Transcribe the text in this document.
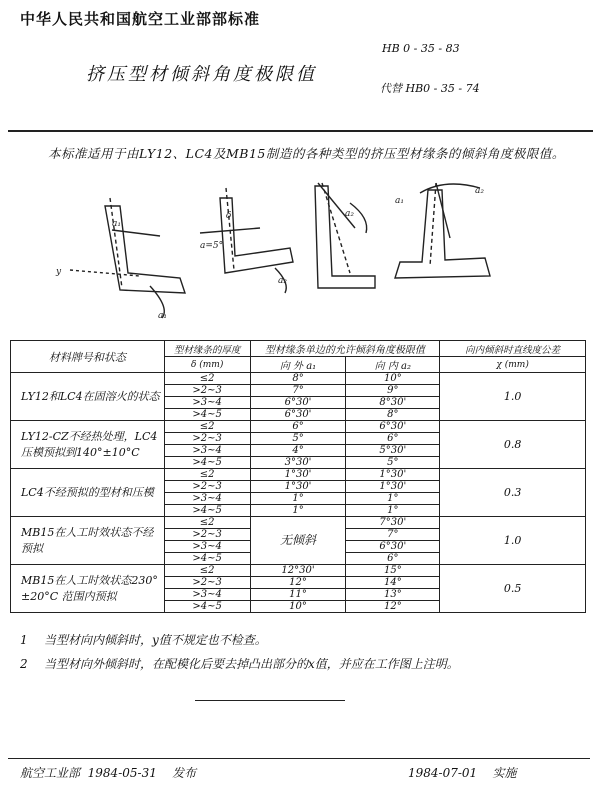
中华人民共和国航空工业部部标准
HB 0 - 35 - 83
挤压型材倾斜角度极限值
代替 HB0 - 35 - 74
本标准适用于由LY12、LC4及MB15制造的各种类型的挤压型材缘条的倾斜角度极限值。
a₁
a₁
y
a=5°
δ
a₂
a₂
a₁
a₂
材料牌号和状态	型材缘条的厚度	型材缘条单边的允许倾斜角度极限值		向内倾斜时直线度公差
	δ (mm)	向 外 a₁	向 内 a₂	χ (mm)
LY12和LC4在固溶火的状态	≤2	8°	10°	1.0
	>2~3	7°	9°	
	>3~4	6°30'	8°30'	
	>4~5	6°30'	8°	
LY12-CZ不经热处理，LC4压模预拟到140°±10°C	≤2	6°	6°30'	0.8
	>2~3	5°	6°	
	>3~4	4°	5°30'	
	>4~5	3°30'	5°	
LC4不经预拟的型材和压模	≤2	1°30'	1°30'	0.3
	>2~3	1°30'	1°30'	
	>3~4	1°	1°	
	>4~5	1°	1°	
MB15在人工时效状态不经预拟	≤2	无倾斜	7°30'	1.0
	>2~3		7°	
	>3~4		6°30'	
	>4~5		6°	
MB15在人工时效状态230°±20°C 范围内预拟	≤2	12°30'	15°	0.5
	>2~3	12°	14°	
	>3~4	11°	13°	
	>4~5	10°	12°	
1 当型材向内倾斜时，y值不规定也不检查。
2 当型材向外倾斜时，在配模化后要去掉凸出部分的x值，并应在工作图上注明。
航空工业部 1984-05-31 发布	1984-07-01 实施
